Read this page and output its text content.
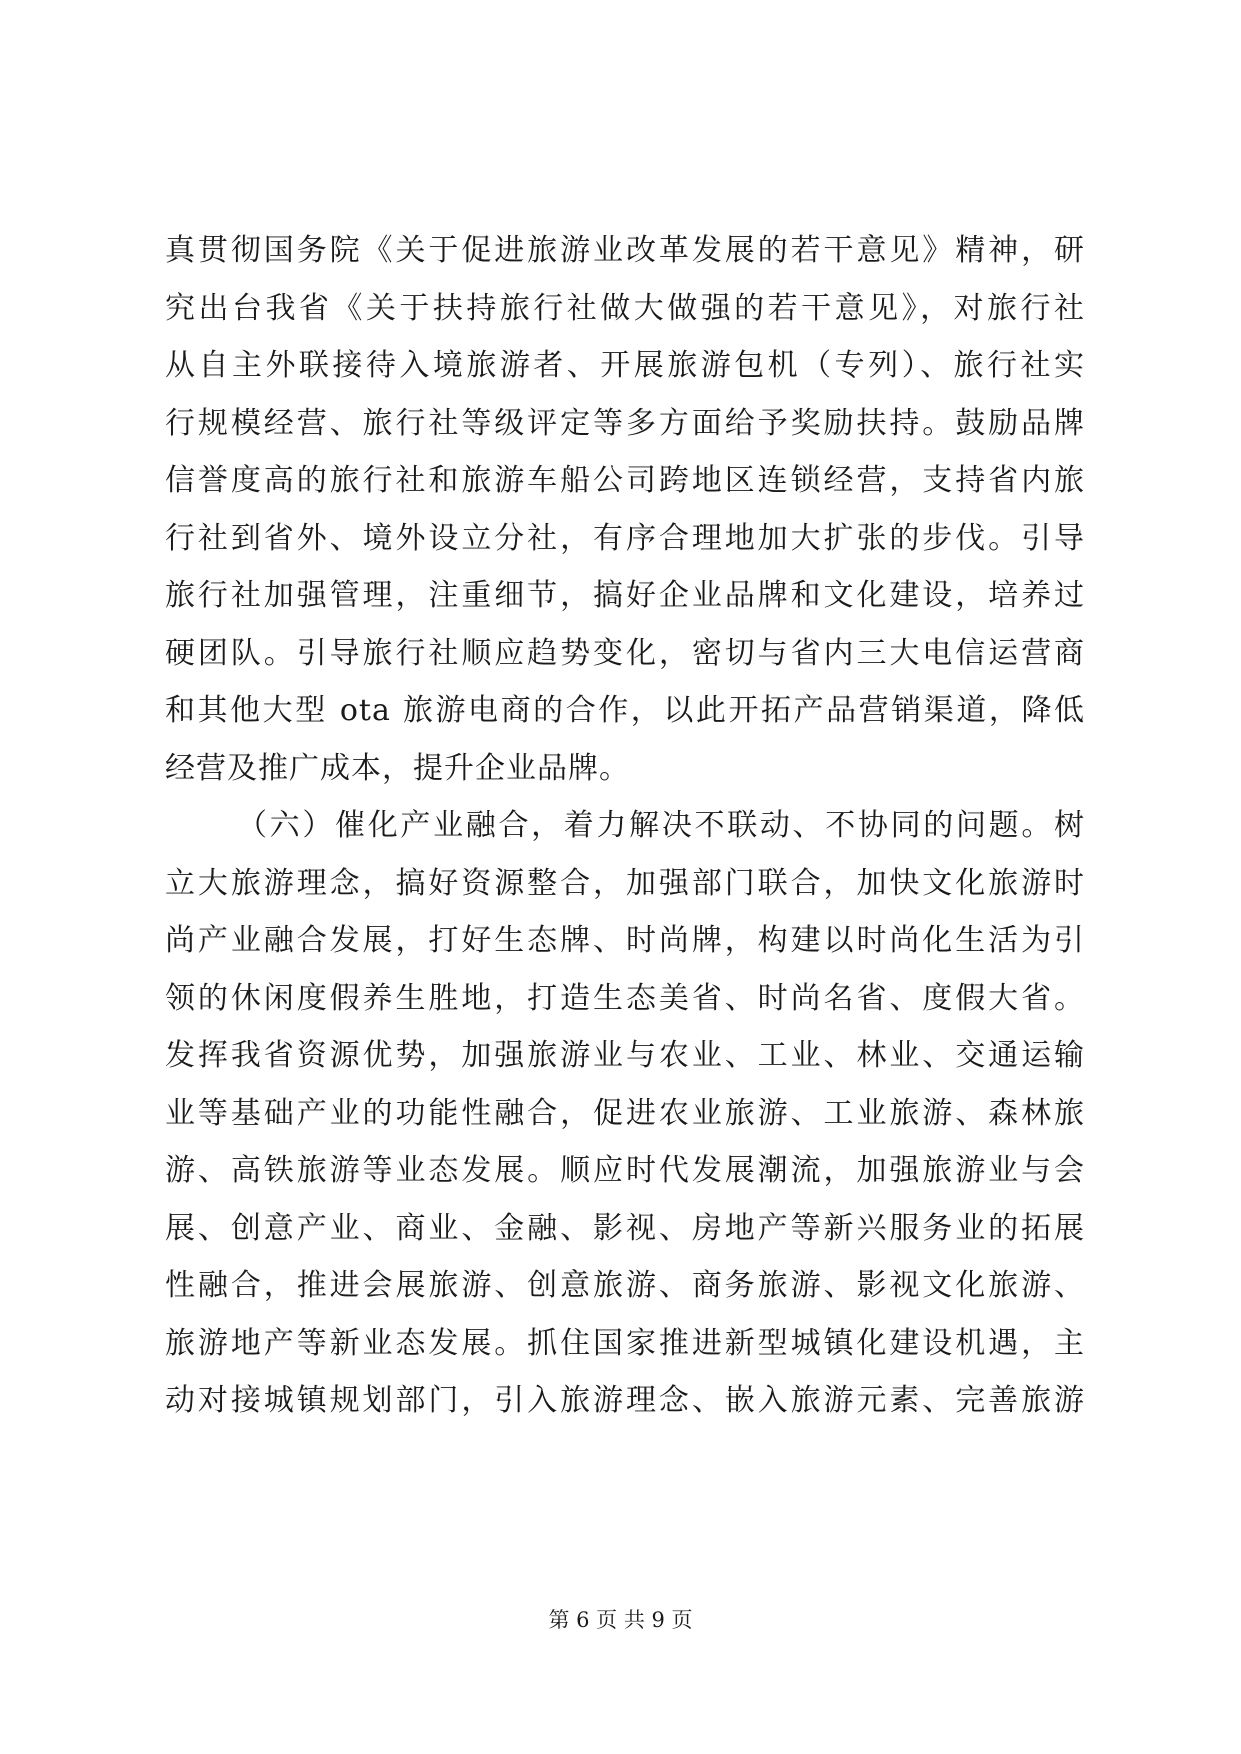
真贯彻国务院《关于促进旅游业改革发展的若干意见》精神，研
究出台我省《关于扶持旅行社做大做强的若干意见》，对旅行社
从自主外联接待入境旅游者、开展旅游包机（专列）、旅行社实
行规模经营、旅行社等级评定等多方面给予奖励扶持。鼓励品牌
信誉度高的旅行社和旅游车船公司跨地区连锁经营，支持省内旅
行社到省外、境外设立分社，有序合理地加大扩张的步伐。引导
旅行社加强管理，注重细节，搞好企业品牌和文化建设，培养过
硬团队。引导旅行社顺应趋势变化，密切与省内三大电信运营商
和其他大型 ota 旅游电商的合作，以此开拓产品营销渠道，降低
经营及推广成本，提升企业品牌。
（六）催化产业融合，着力解决不联动、不协同的问题。树
立大旅游理念，搞好资源整合，加强部门联合，加快文化旅游时
尚产业融合发展，打好生态牌、时尚牌，构建以时尚化生活为引
领的休闲度假养生胜地，打造生态美省、时尚名省、度假大省。
发挥我省资源优势，加强旅游业与农业、工业、林业、交通运输
业等基础产业的功能性融合，促进农业旅游、工业旅游、森林旅
游、高铁旅游等业态发展。顺应时代发展潮流，加强旅游业与会
展、创意产业、商业、金融、影视、房地产等新兴服务业的拓展
性融合，推进会展旅游、创意旅游、商务旅游、影视文化旅游、
旅游地产等新业态发展。抓住国家推进新型城镇化建设机遇，主
动对接城镇规划部门，引入旅游理念、嵌入旅游元素、完善旅游
第 6 页 共 9 页
